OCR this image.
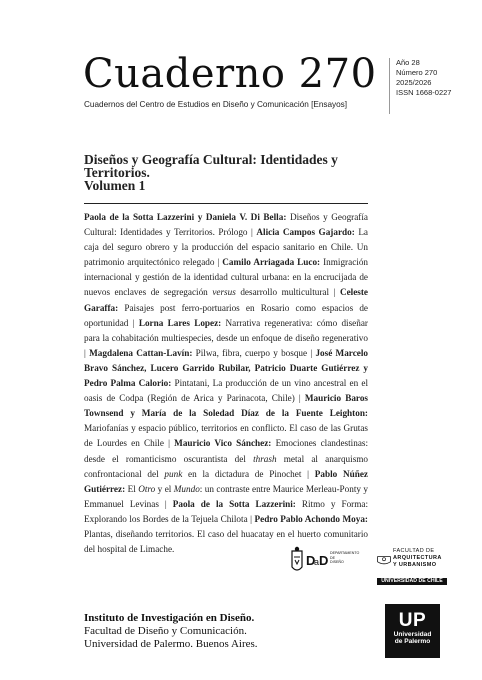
Cuaderno 270
Cuadernos del Centro de Estudios en Diseño y Comunicación [Ensayos]
Año 28
Número 270
2025/2026
ISSN 1668-0227
Diseños y Geografía Cultural: Identidades y
Territorios.
Volumen 1
Paola de la Sotta Lazzerini y Daniela V. Di Bella: Diseños y Geografía Cultural: Identidades y Territorios. Prólogo | Alicia Campos Gajardo: La caja del seguro obrero y la producción del espacio sanitario en Chile. Un patrimonio arquitectónico relegado | Camilo Arriagada Luco: Inmigración internacional y gestión de la identidad cultural urbana: en la encrucijada de nuevos enclaves de segregación versus desarrollo multicultural | Celeste Garaffa: Paisajes post ferro-portuarios en Rosario como espacios de oportunidad | Lorna Lares Lopez: Narrativa regenerativa: cómo diseñar para la cohabitación multiespecies, desde un enfoque de diseño regenerativo | Magdalena Cattan-Lavín: Pilwa, fibra, cuerpo y bosque | José Marcelo Bravo Sánchez, Lucero Garrido Rubilar, Patricio Duarte Gutiérrez y Pedro Palma Calorio: Pintatani, La producción de un vino ancestral en el oasis de Codpa (Región de Arica y Parinacota, Chile) | Mauricio Baros Townsend y María de la Soledad Díaz de la Fuente Leighton: Mariofanías y espacio público, territorios en conflicto. El caso de las Grutas de Lourdes en Chile | Mauricio Vico Sánchez: Emociones clandestinas: desde el romanticismo oscurantista del thrash metal al anarquismo confrontacional del punk en la dictadura de Pinochet | Pablo Núñez Gutiérrez: El Otro y el Mundo: un contraste entre Maurice Merleau-Ponty y Emmanuel Levinas | Paola de la Sotta Lazzerini: Ritmo y Forma: Explorando los Bordes de la Tejuela Chilota | Pedro Pablo Achondo Moya: Plantas, diseñando territorios. El caso del huacatay en el huerto comunitario del hospital de Limache.
D
a D DEPARTAMENTO
DE
DISEÑO
FACULTAD DE
ARQUITECTURA
Y URBANISMO
UNIVERSIDAD DE CHILE
Instituto de Investigación en Diseño.
Facultad de Diseño y Comunicación.
Universidad de Palermo. Buenos Aires.
UP
Universidad
de Palermo
